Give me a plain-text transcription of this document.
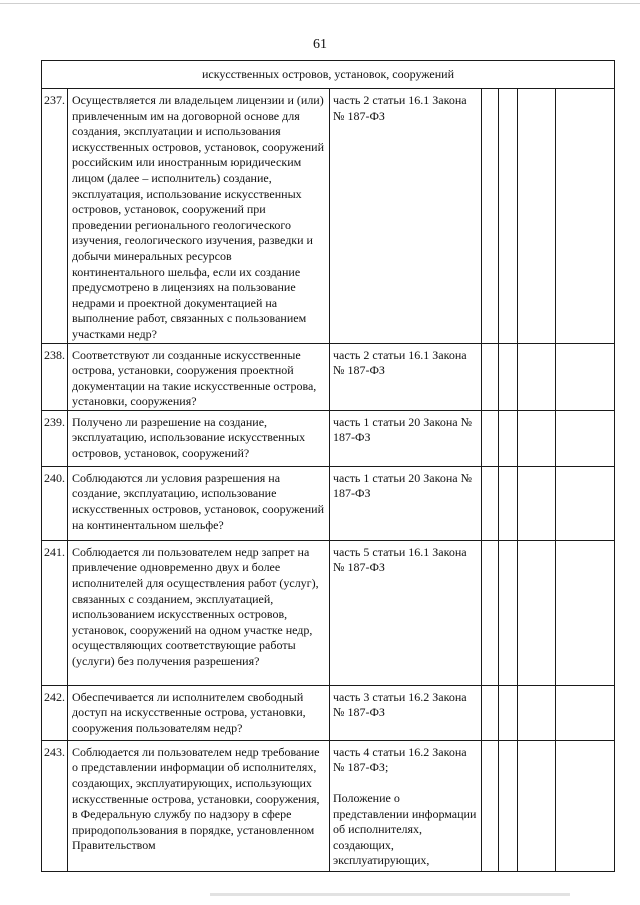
61
искусственных островов, установок, сооружений						
237.	Осуществляется ли владельцем лицензии и (или) привлеченным им на договорной основе для создания, эксплуатации и использования искусственных островов, установок, сооружений российским или иностранным юридическим лицом (далее – исполнитель) создание, эксплуатация, использование искусственных островов, установок, сооружений при проведении регионального геологического изучения, геологического изучения, разведки и добычи минеральных ресурсов континентального шельфа, если их создание предусмотрено в лицензиях на пользование недрами и проектной документацией на выполнение работ, связанных с пользованием участками недр?	часть 2 статьи 16.1 Закона № 187-ФЗ				

238.	Соответствуют ли созданные искусственные острова, установки, сооружения проектной документации на такие искусственные острова, установки, сооружения?	часть 2 статьи 16.1 Закона № 187-ФЗ				

239.	Получено ли разрешение на создание, эксплуатацию, использование искусственных островов, установок, сооружений?	часть 1 статьи 20 Закона № 187-ФЗ				

240.	Соблюдаются ли условия разрешения на создание, эксплуатацию, использование искусственных островов, установок, сооружений на континентальном шельфе?	часть 1 статьи 20 Закона № 187-ФЗ				

241.	Соблюдается ли пользователем недр запрет на привлечение одновременно двух и более исполнителей для осуществления работ (услуг), связанных с созданием, эксплуатацией, использованием искусственных островов, установок, сооружений на одном участке недр, осуществляющих соответствующие работы (услуги) без получения разрешения?	часть 5 статьи 16.1 Закона № 187-ФЗ				

242.	Обеспечивается ли исполнителем свободный доступ на искусственные острова, установки, сооружения пользователям недр?	часть 3 статьи 16.2 Закона № 187-ФЗ				

243.	Соблюдается ли пользователем недр требование о представлении информации об исполнителях, создающих, эксплуатирующих, использующих искусственные острова, установки, сооружения, в Федеральную службу по надзору в сфере природопользования в порядке, установленном Правительством	часть 4 статьи 16.2 Закона № 187-ФЗ;
Положение о представлении информации об исполнителях, создающих, эксплуатирующих,				
